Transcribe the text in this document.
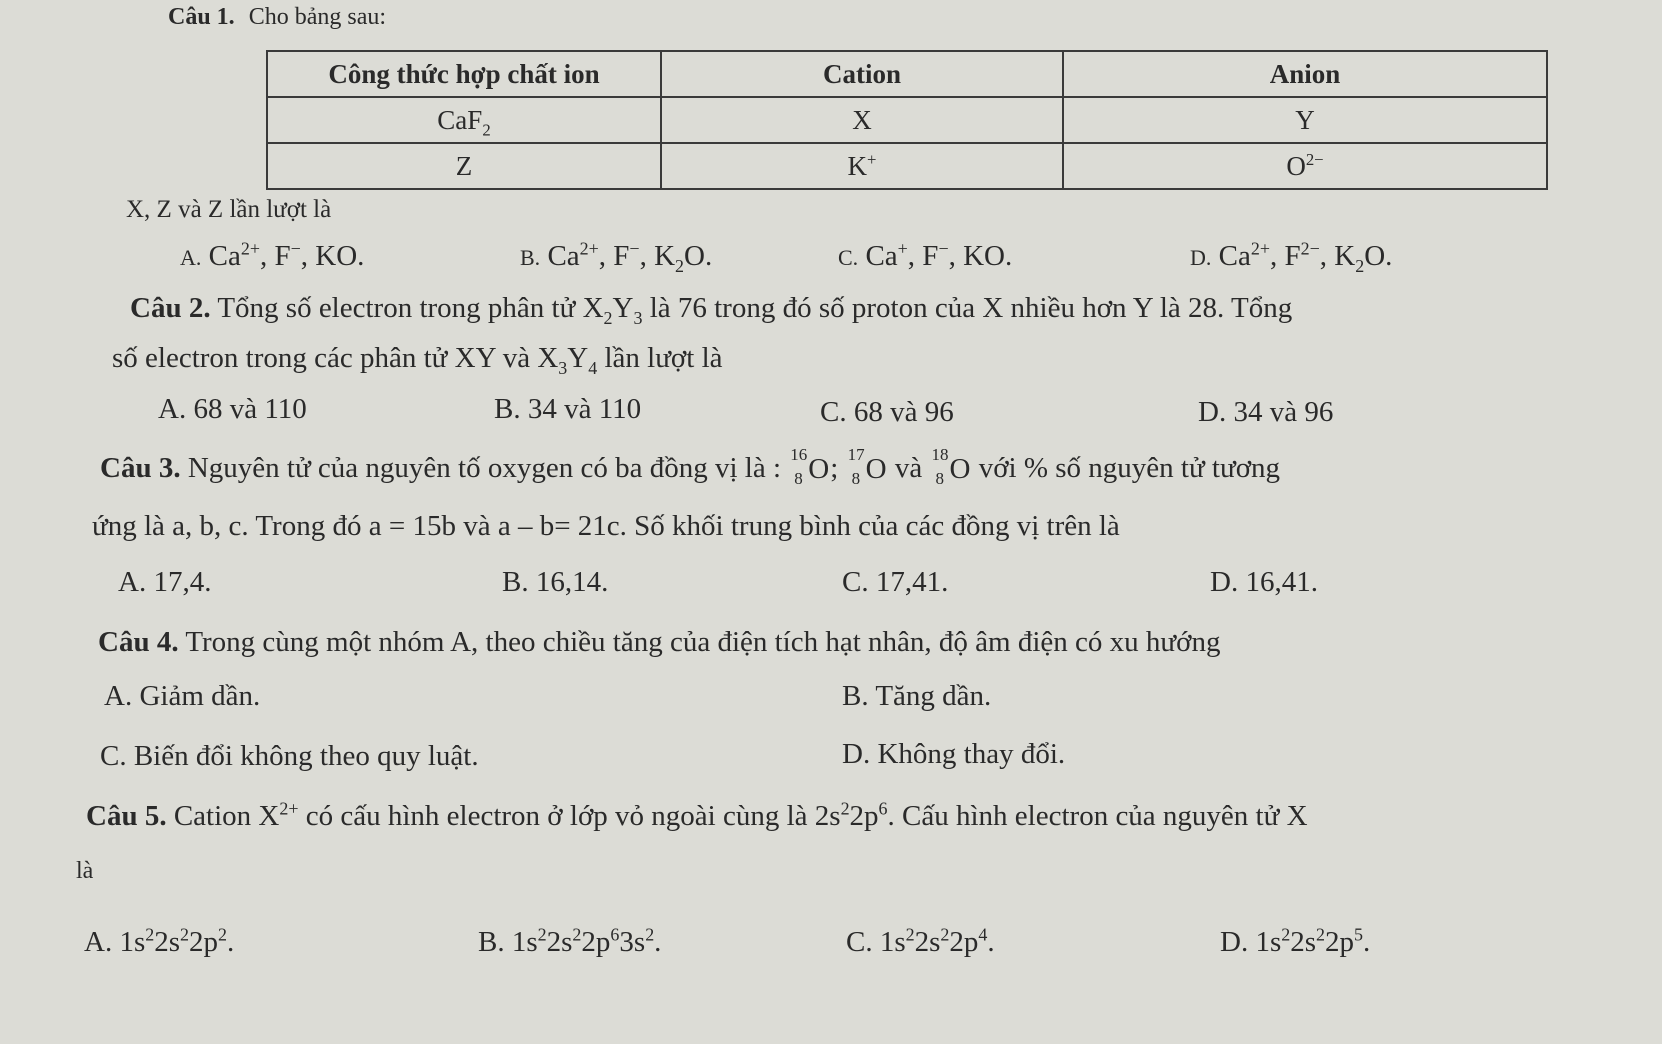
Câu 1. Cho bảng sau:
Công thức hợp chất ion	Cation	Anion
CaF$_2$	X	Y
Z	K+	$O^{2-}$
X, Z và Z lần lượt là
A. $Ca^{2+}$, F−, KO.	B. $Ca^{2+}$, F−, $K_2O$.	C. Ca+, F−, KO.	D. $Ca^{2+}$, $F^{2-}$, $K_2O$.
Câu 2. Tổng số electron trong phân tử $X_2Y_3$ là 76 trong đó số proton của X nhiều hơn Y là 28. Tổng
số electron trong các phân tử XY và $X_3Y_4$ lần lượt là
A. 68 và 110	B. 34 và 110	C. 68 và 96	D. 34 và 96
Câu 3. Nguyên tử của nguyên tố oxygen có ba đồng vị là : 16
8 O ; 17
8 O và 18
8 O với % số nguyên tử tương
ứng là a, b, c. Trong đó a = 15b và a – b= 21c. Số khối trung bình của các đồng vị trên là
A. 17,4.	B. 16,14.	C. 17,41.	D. 16,41.
Câu 4. Trong cùng một nhóm A, theo chiều tăng của điện tích hạt nhân, độ âm điện có xu hướng
A. Giảm dần.	B. Tăng dần.
C. Biến đổi không theo quy luật.	D. Không thay đổi.
Câu 5. Cation $X^{2+}$ có cấu hình electron ở lớp vỏ ngoài cùng là $2s^22p^6$. Cấu hình electron của nguyên tử X
là
A. $1s^22s^22p^2$.	B. $1s^22s^22p^63s^2$.	C. $1s^22s^22p^4$.	D. $1s^22s^22p^5$.
